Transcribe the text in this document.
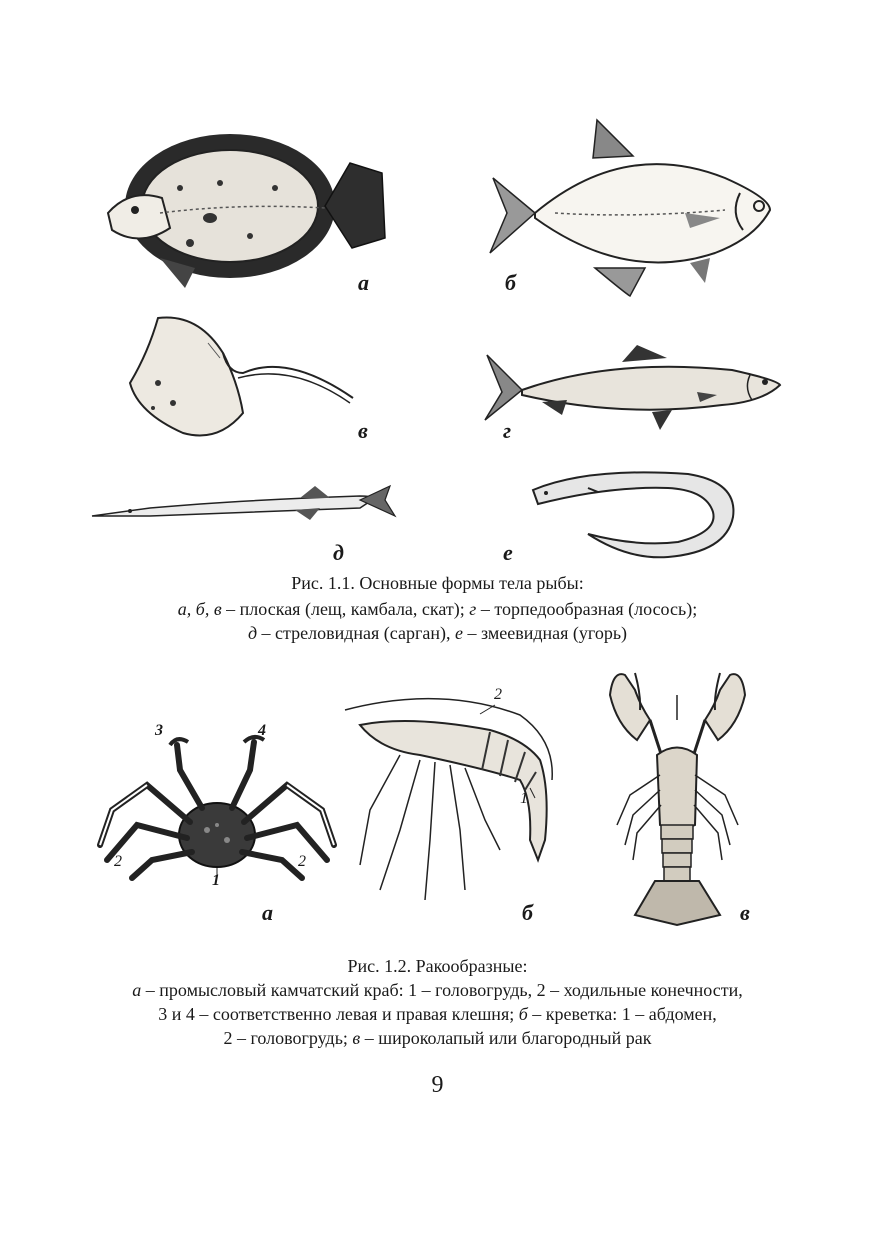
а	б
в	г
д	е
Рис. 1.1. Основные формы тела рыбы:
а, б, в – плоская (лещ, камбала, скат); г – торпедообразная (лосось);
д – стреловидная (сарган), е – змеевидная (угорь)
3	4
2	2
1
а
2
1
б	в
Рис. 1.2. Ракообразные:
а – промысловый камчатский краб: 1 – головогрудь, 2 – ходильные конечности,
3 и 4 – соответственно левая и правая клешня; б – креветка: 1 – абдомен,
2 – головогрудь; в – широколапый или благородный рак
9
